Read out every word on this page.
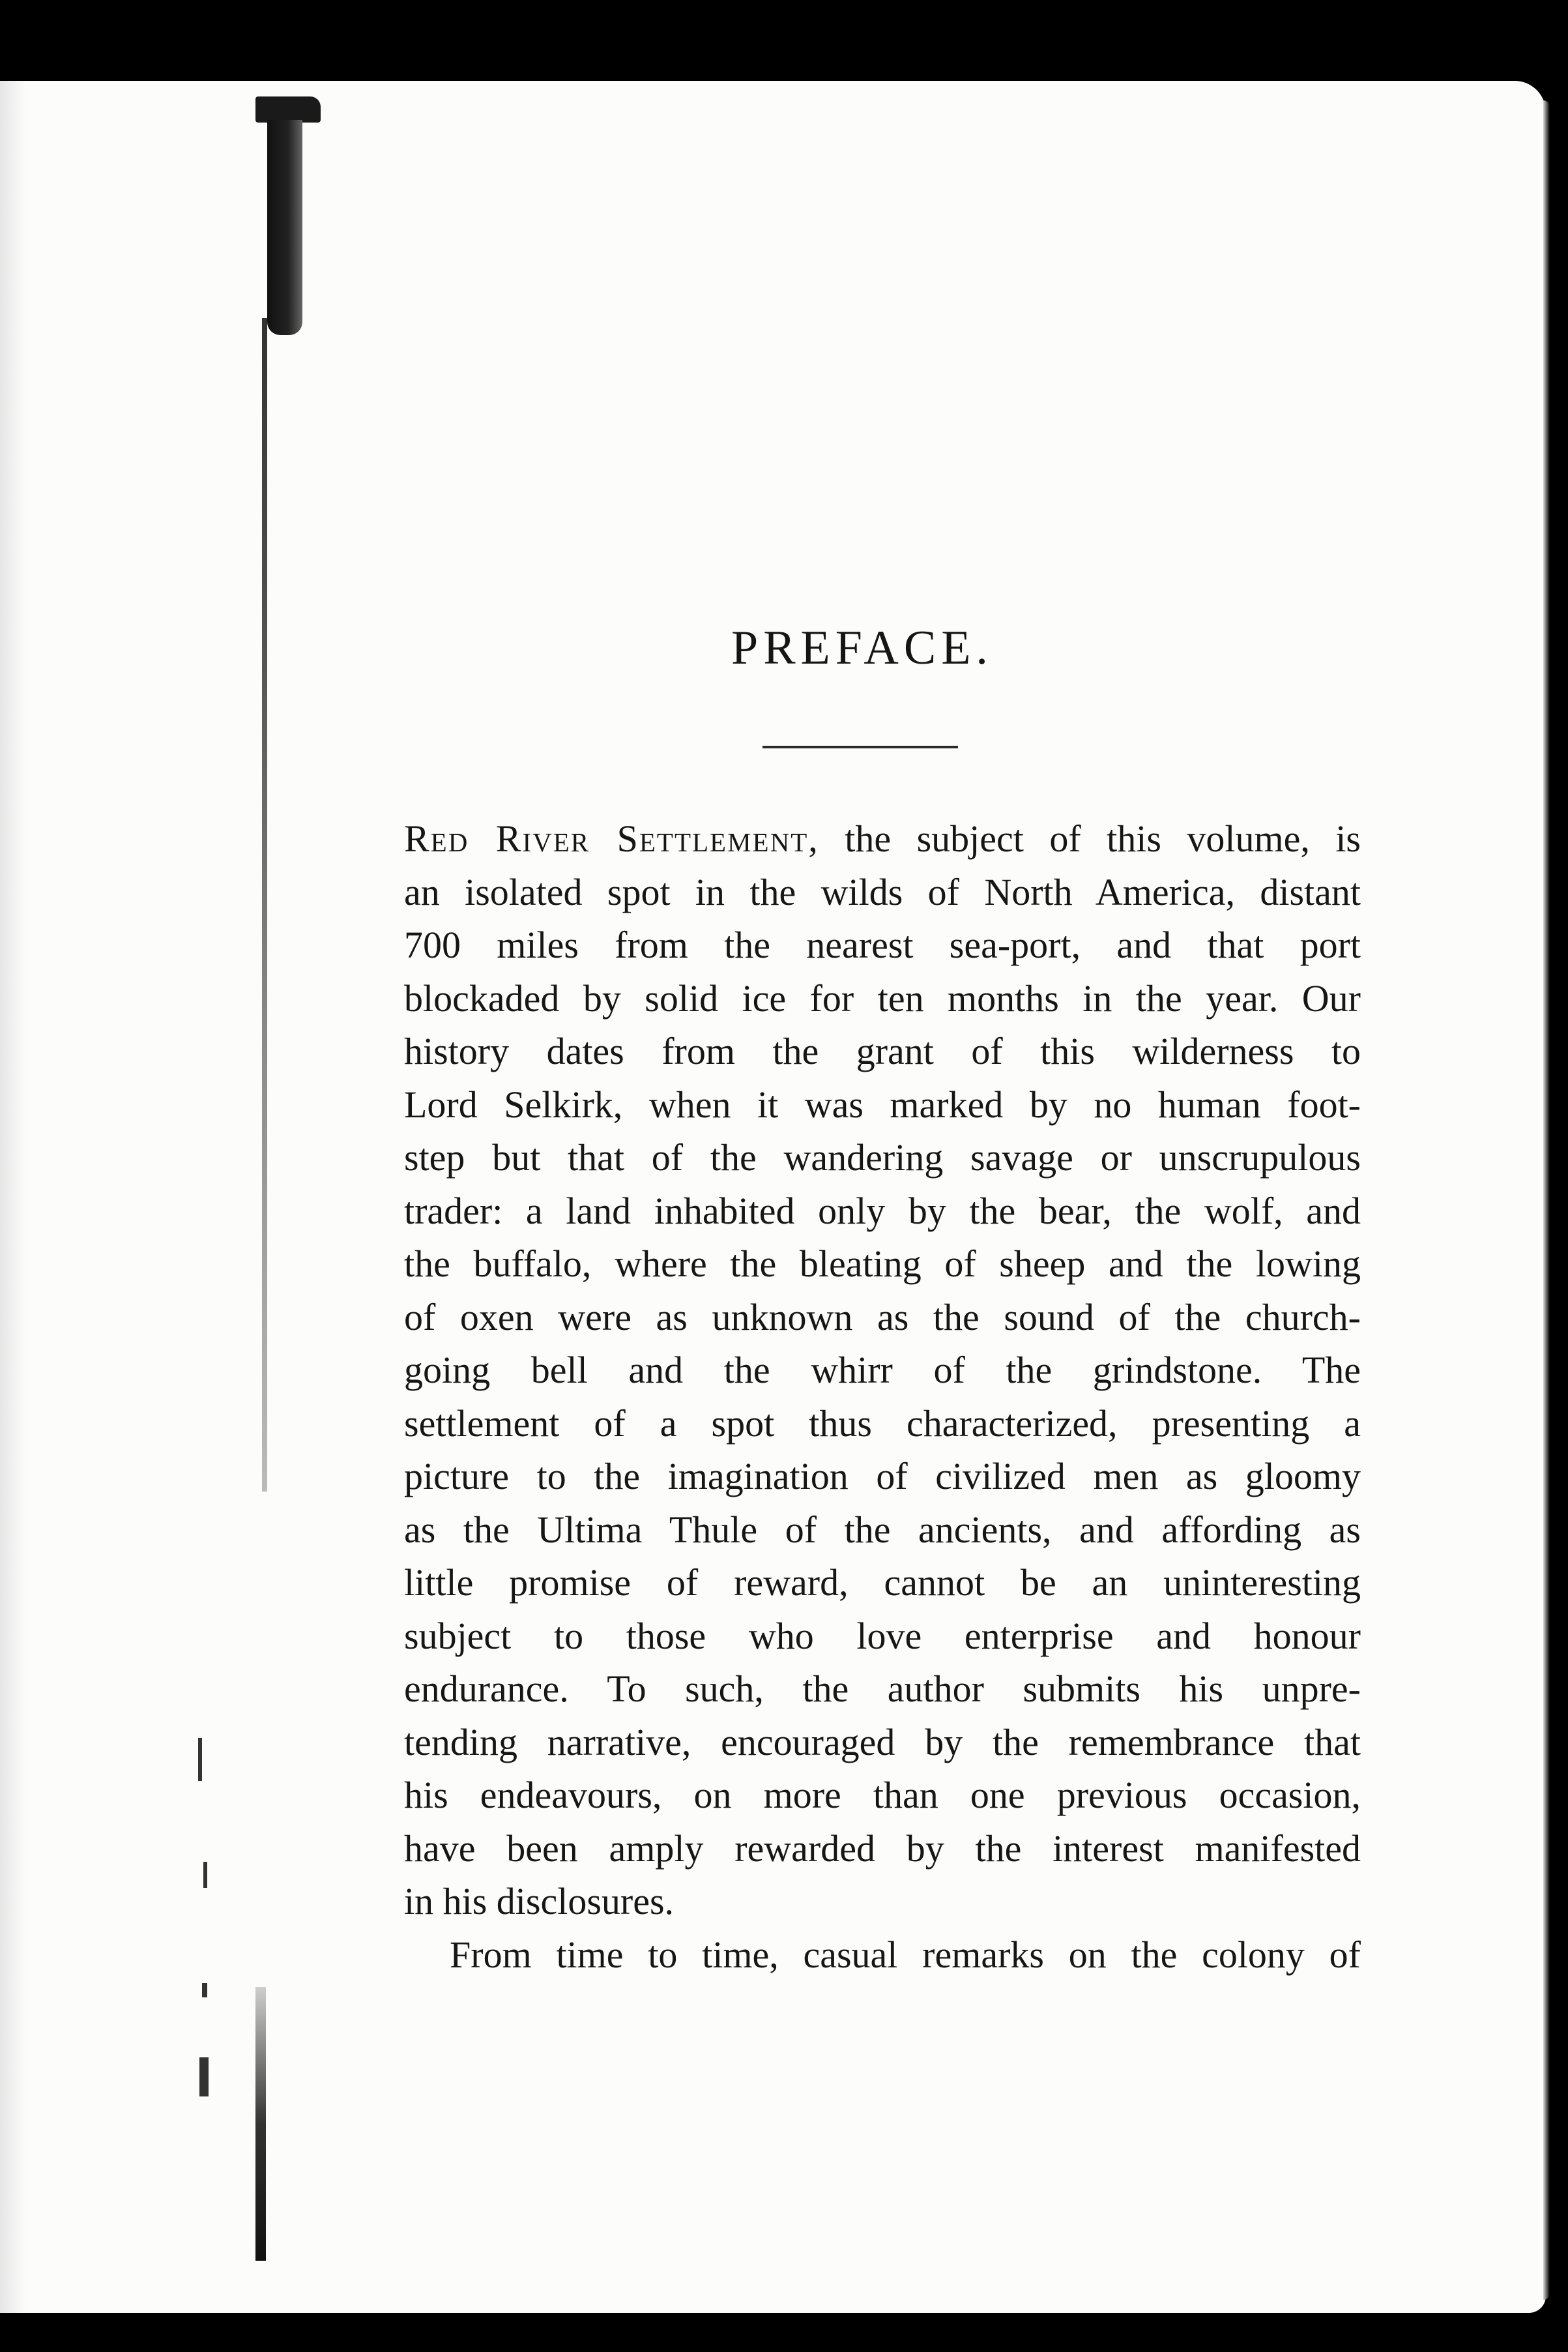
PREFACE.
Red River Settlement, the subject of this volume, is
an isolated spot in the wilds of North America, distant
700 miles from the nearest sea-port, and that port
blockaded by solid ice for ten months in the year. Our
history dates from the grant of this wilderness to
Lord Selkirk, when it was marked by no human foot-
step but that of the wandering savage or unscrupulous
trader: a land inhabited only by the bear, the wolf, and
the buffalo, where the bleating of sheep and the lowing
of oxen were as unknown as the sound of the church-
going bell and the whirr of the grindstone. The
settlement of a spot thus characterized, presenting a
picture to the imagination of civilized men as gloomy
as the Ultima Thule of the ancients, and affording as
little promise of reward, cannot be an uninteresting
subject to those who love enterprise and honour
endurance. To such, the author submits his unpre-
tending narrative, encouraged by the remembrance that
his endeavours, on more than one previous occasion,
have been amply rewarded by the interest manifested
in his disclosures.
From time to time, casual remarks on the colony of
